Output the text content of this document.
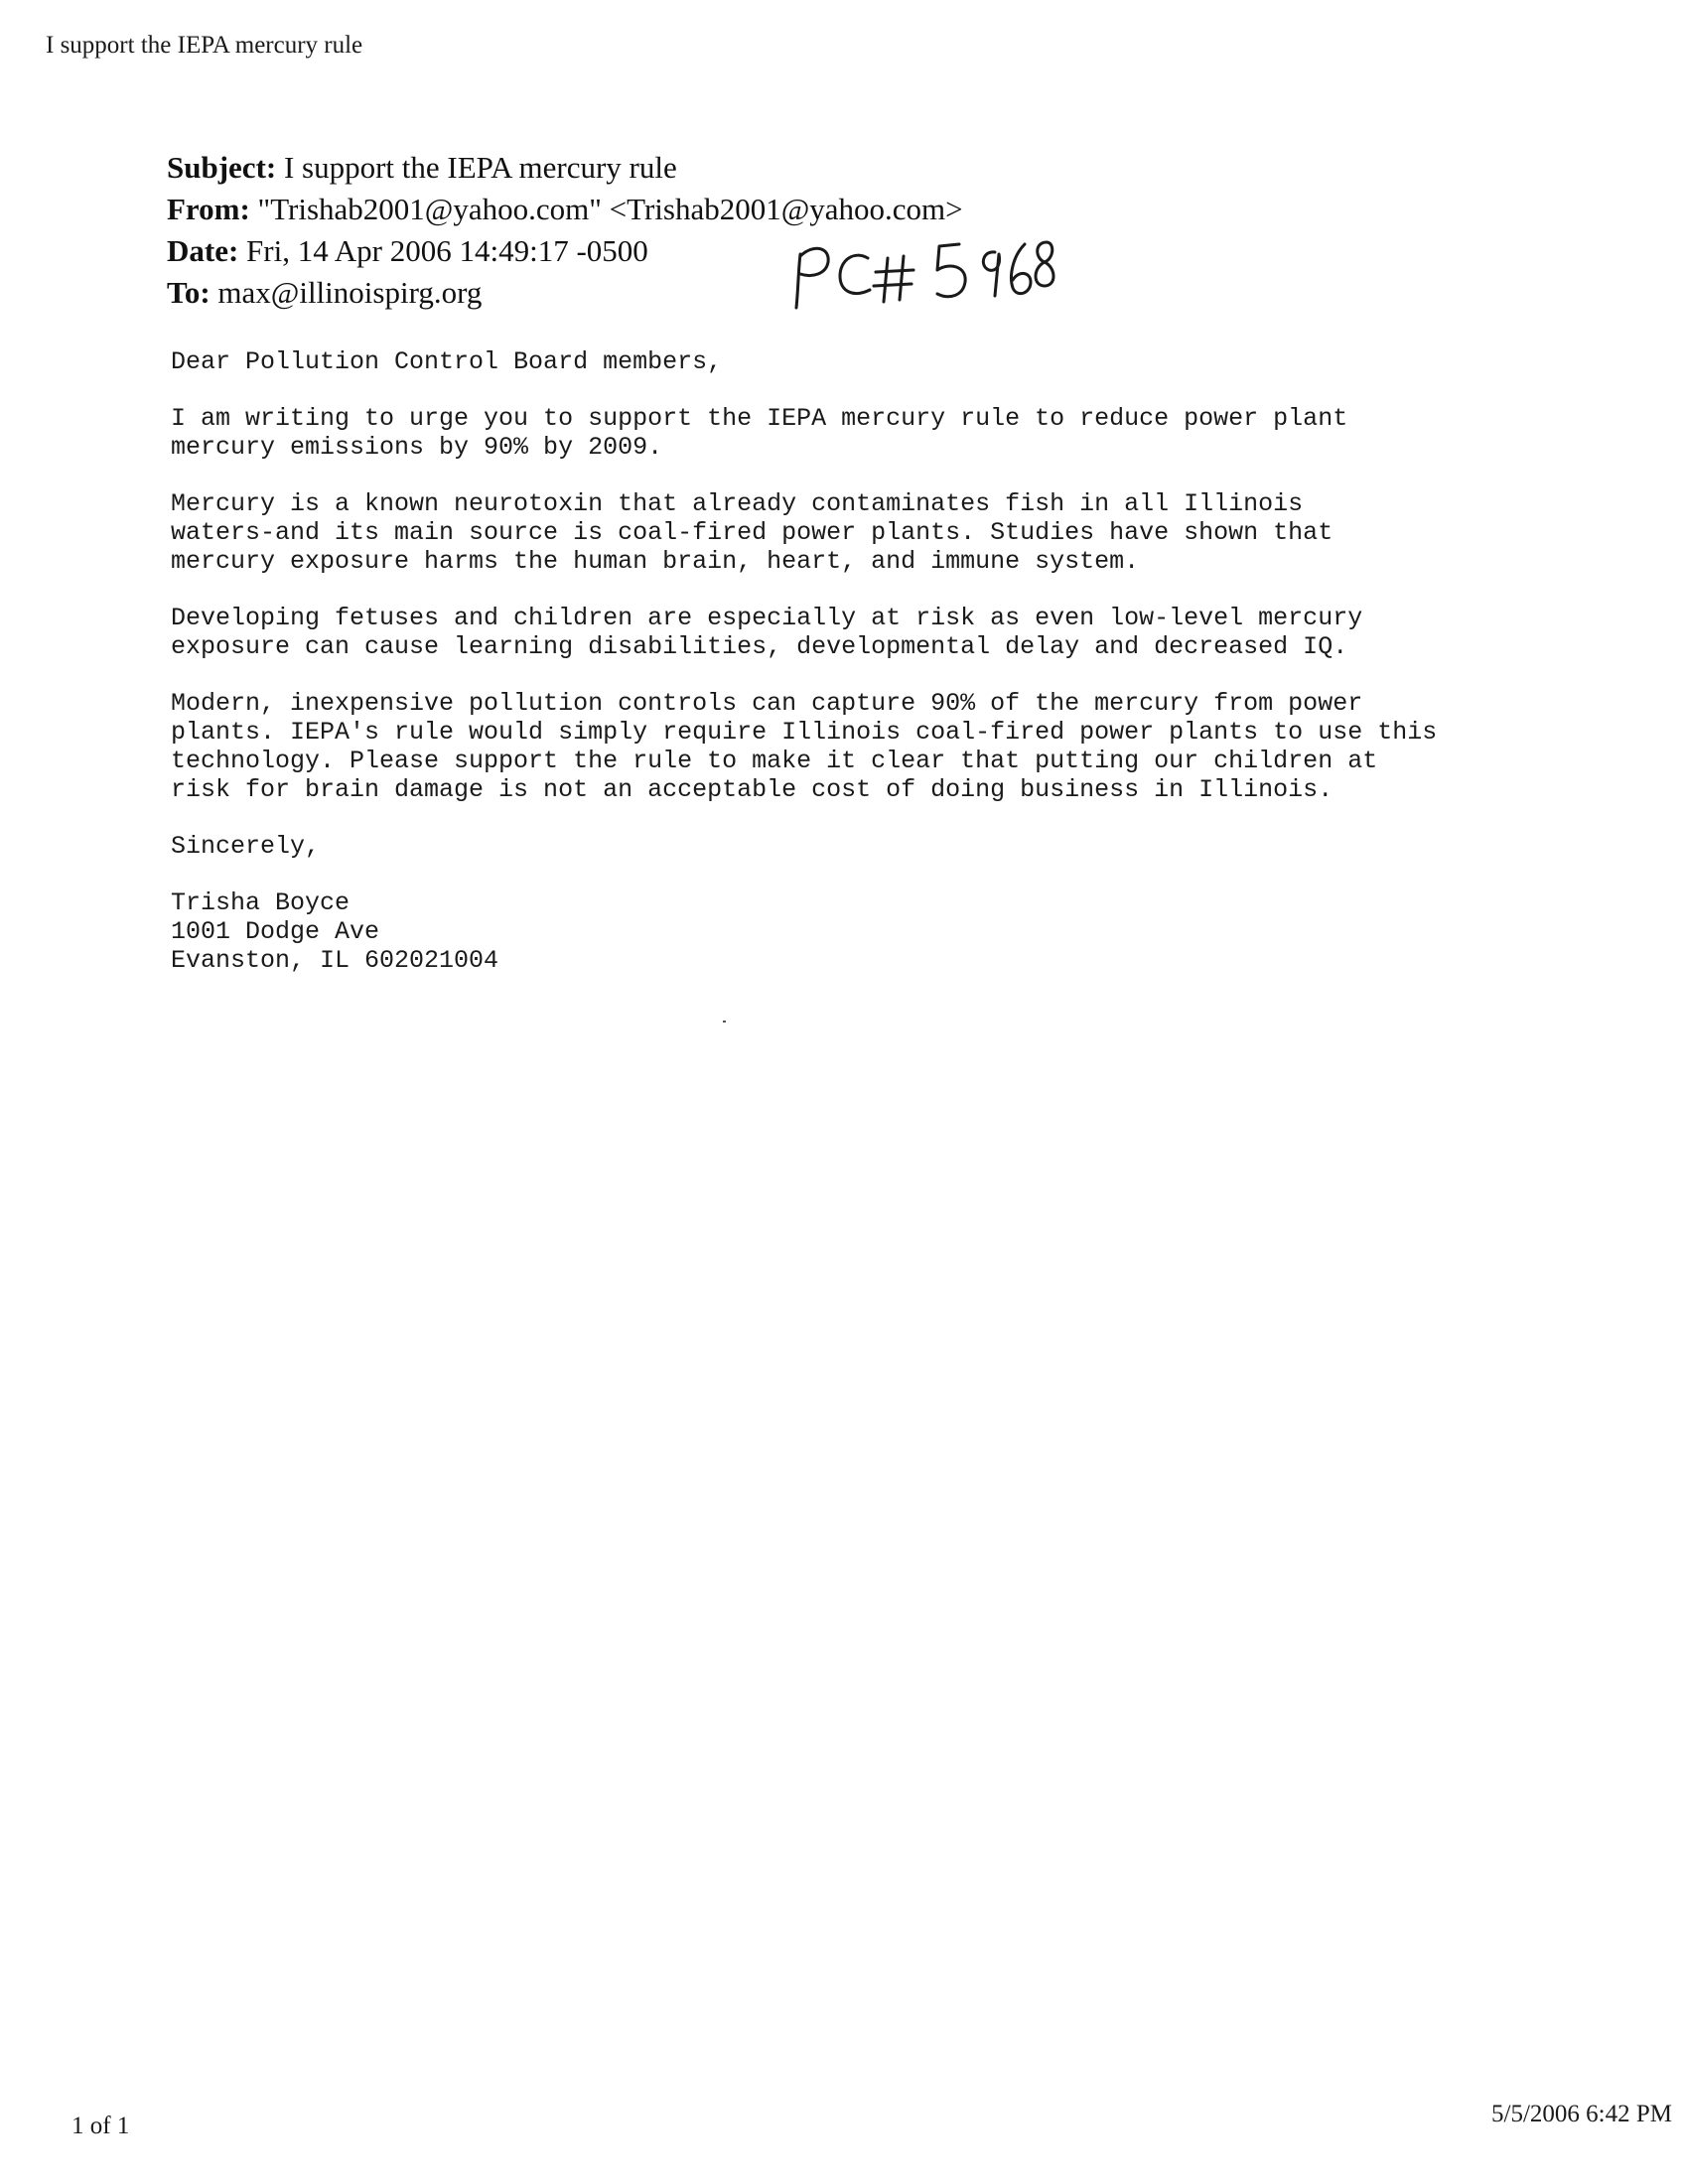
I support the IEPA mercury rule
Subject: I support the IEPA mercury rule
From: "Trishab2001@yahoo.com" <Trishab2001@yahoo.com>
Date: Fri, 14 Apr 2006 14:49:17 -0500
To: max@illinoispirg.org

Dear Pollution Control Board members,

I am writing to urge you to support the IEPA mercury rule to reduce power plant
mercury emissions by 90% by 2009.

Mercury is a known neurotoxin that already contaminates fish in all Illinois
waters-and its main source is coal-fired power plants. Studies have shown that
mercury exposure harms the human brain, heart, and immune system.

Developing fetuses and children are especially at risk as even low-level mercury
exposure can cause learning disabilities, developmental delay and decreased IQ.

Modern, inexpensive pollution controls can capture 90% of the mercury from power
plants. IEPA's rule would simply require Illinois coal-fired power plants to use this
technology. Please support the rule to make it clear that putting our children at
risk for brain damage is not an acceptable cost of doing business in Illinois.

Sincerely,

Trisha Boyce

1001 Dodge Ave

Evanston, IL 602021004

1 of 1	5/5/2006 6:42 PM
